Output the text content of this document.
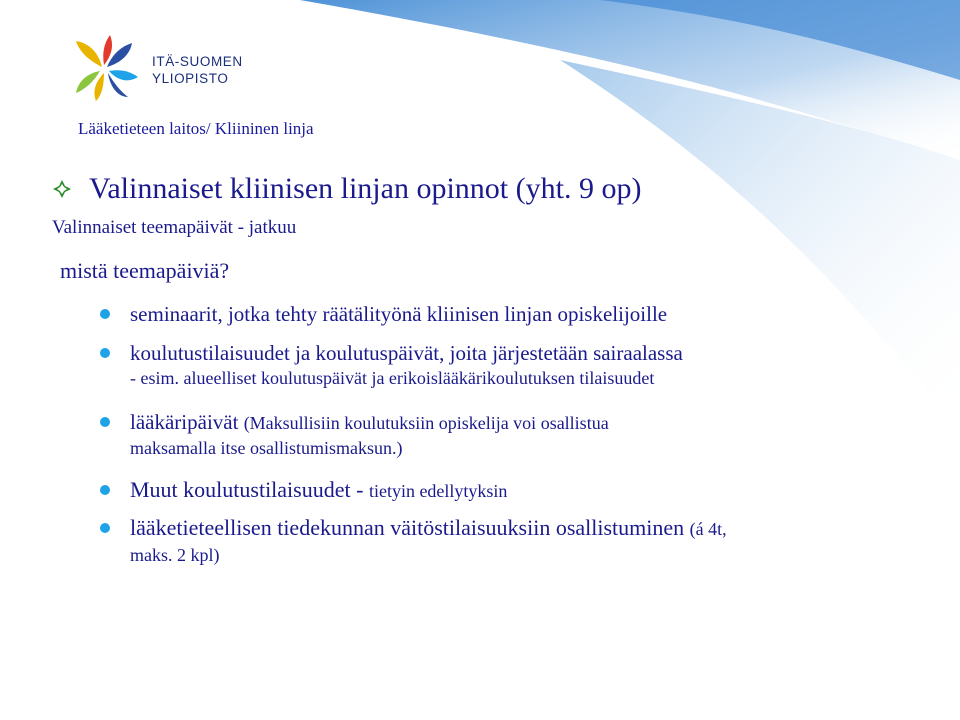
ITÄ-SUOMEN
YLIOPISTO
Lääketieteen laitos/ Kliininen linja
Valinnaiset kliinisen linjan opinnot (yht. 9 op)
Valinnaiset teemapäivät - jatkuu
mistä teemapäiviä?
seminaarit, jotka tehty räätälityönä kliinisen linjan opiskelijoille
koulutustilaisuudet ja koulutuspäivät, joita järjestetään sairaalassa
- esim. alueelliset koulutuspäivät ja erikoislääkärikoulutuksen tilaisuudet
lääkäripäivät (Maksullisiin koulutuksiin opiskelija voi osallistua
maksamalla itse osallistumismaksun.)
Muut koulutustilaisuudet - tietyin edellytyksin
lääketieteellisen tiedekunnan väitöstilaisuuksiin osallistuminen (á 4t,
maks. 2 kpl)
